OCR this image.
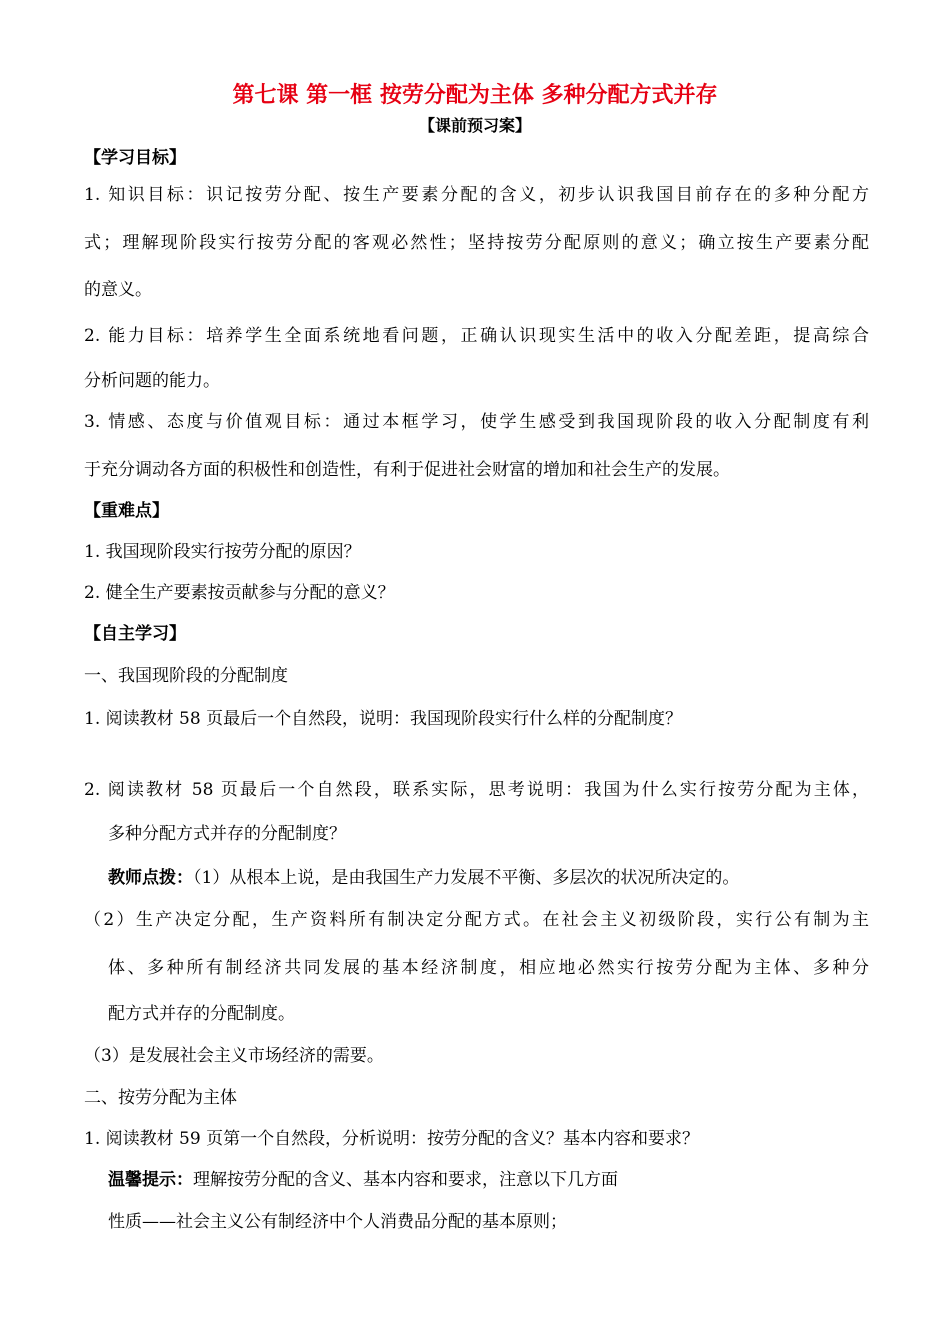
第七课 第一框 按劳分配为主体 多种分配方式并存
【课前预习案】
【学习目标】
1. 知识目标：识记按劳分配、按生产要素分配的含义，初步认识我国目前存在的多种分配方
式；理解现阶段实行按劳分配的客观必然性；坚持按劳分配原则的意义；确立按生产要素分配
的意义。
2. 能力目标：培养学生全面系统地看问题，正确认识现实生活中的收入分配差距，提高综合
分析问题的能力。
3. 情感、态度与价值观目标：通过本框学习，使学生感受到我国现阶段的收入分配制度有利
于充分调动各方面的积极性和创造性，有利于促进社会财富的增加和社会生产的发展。
【重难点】
1. 我国现阶段实行按劳分配的原因？
2. 健全生产要素按贡献参与分配的意义？
【自主学习】
一、我国现阶段的分配制度
1. 阅读教材 58 页最后一个自然段，说明：我国现阶段实行什么样的分配制度？
2. 阅读教材 58 页最后一个自然段，联系实际，思考说明：我国为什么实行按劳分配为主体，
多种分配方式并存的分配制度？
教师点拨：（1）从根本上说，是由我国生产力发展不平衡、多层次的状况所决定的。
（2）生产决定分配，生产资料所有制决定分配方式。在社会主义初级阶段，实行公有制为主
体、多种所有制经济共同发展的基本经济制度，相应地必然实行按劳分配为主体、多种分
配方式并存的分配制度。
（3）是发展社会主义市场经济的需要。
二、按劳分配为主体
1. 阅读教材 59 页第一个自然段，分析说明：按劳分配的含义？基本内容和要求？
温馨提示：理解按劳分配的含义、基本内容和要求，注意以下几方面
性质——社会主义公有制经济中个人消费品分配的基本原则；
